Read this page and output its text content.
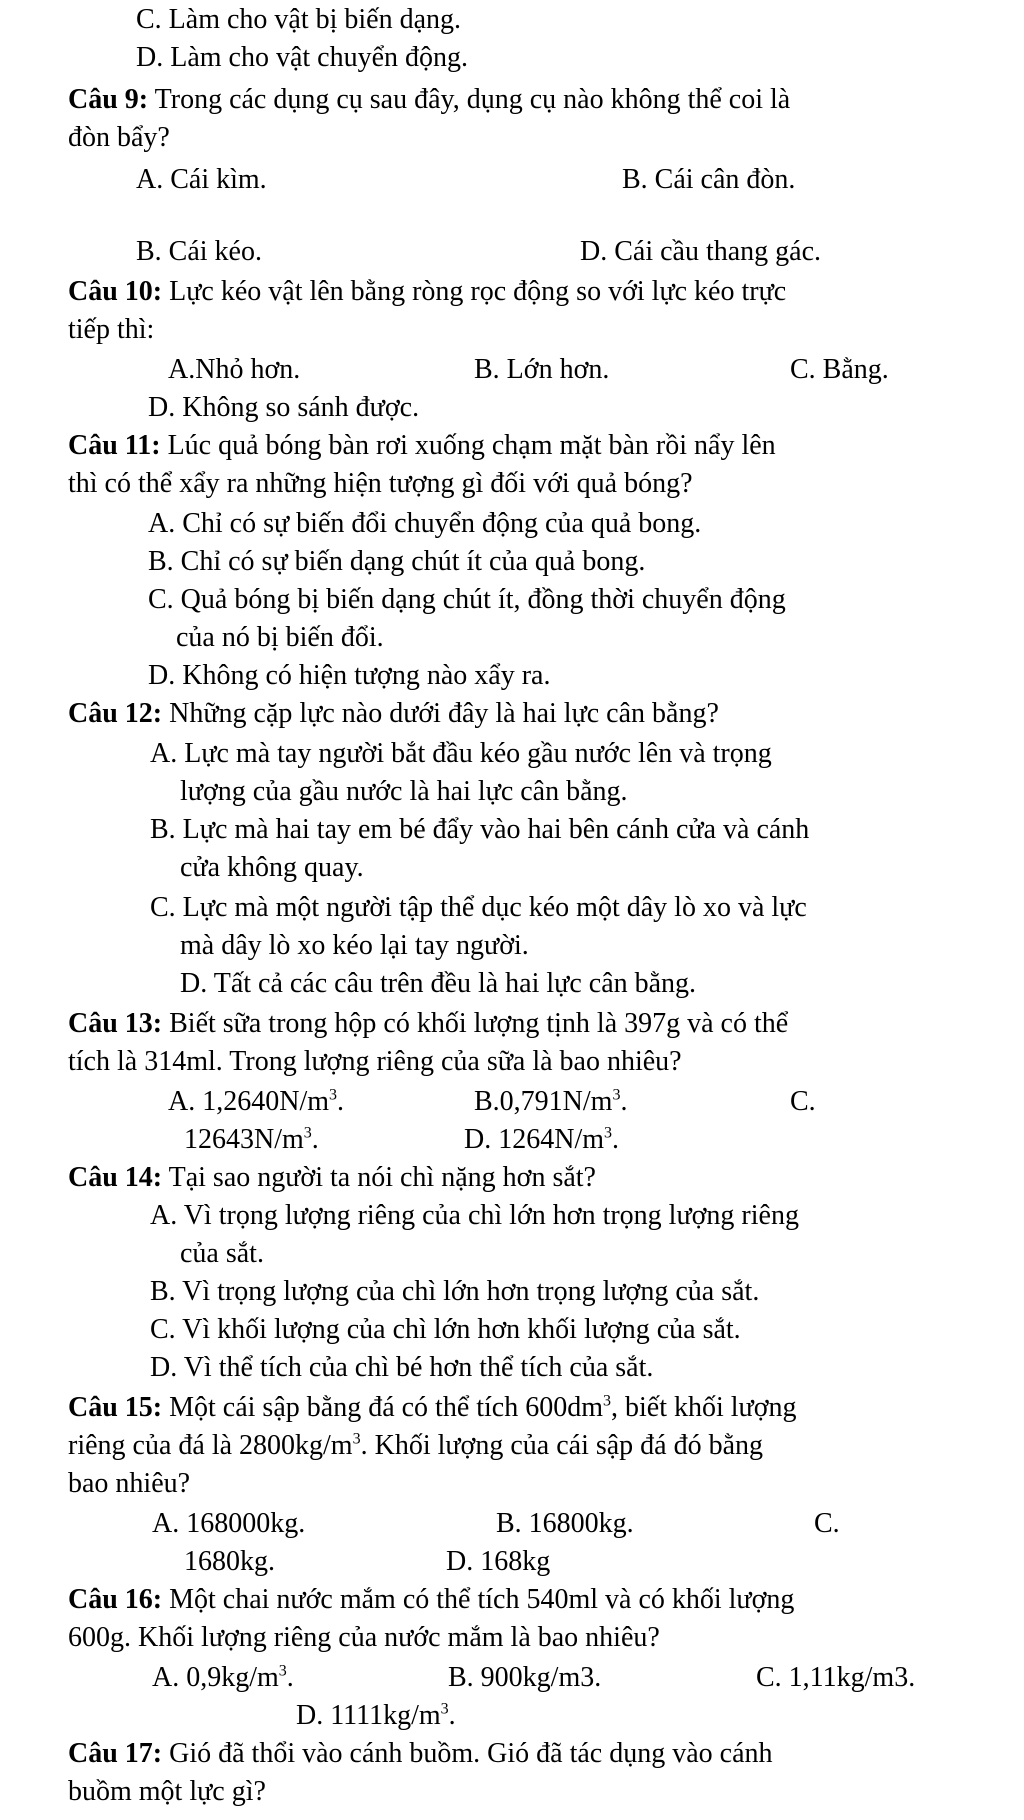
C. Làm cho vật bị biến dạng.
D. Làm cho vật chuyển động.
Câu 9: Trong các dụng cụ sau đây, dụng cụ nào không thể coi là
đòn bẩy?
A. Cái kìm.	B. Cái cân đòn.
B. Cái kéo.	D. Cái cầu thang gác.
Câu 10: Lực kéo vật lên bằng ròng rọc động so với lực kéo trực
tiếp thì:
A.Nhỏ hơn.	B. Lớn hơn.	C. Bằng.
D. Không so sánh được.
Câu 11: Lúc quả bóng bàn rơi xuống chạm mặt bàn rồi nẩy lên
thì có thể xẩy ra những hiện tượng gì đối với quả bóng?
A. Chỉ có sự biến đổi chuyển động của quả bong.
B. Chỉ có sự biến dạng chút ít của quả bong.
C. Quả bóng bị biến dạng chút ít, đồng thời chuyển động
của nó bị biến đổi.
D. Không có hiện tượng nào xẩy ra.
Câu 12: Những cặp lực nào dưới đây là hai lực cân bằng?
A. Lực mà tay người bắt đầu kéo gầu nước lên và trọng
lượng của gầu nước là hai lực cân bằng.
B. Lực mà hai tay em bé đẩy vào hai bên cánh cửa và cánh
cửa không quay.
C. Lực mà một người tập thể dục kéo một dây lò xo và lực
mà dây lò xo kéo lại tay người.
D. Tất cả các câu trên đều là hai lực cân bằng.
Câu 13: Biết sữa trong hộp có khối lượng tịnh là 397g và có thể
tích là 314ml. Trong lượng riêng của sữa là bao nhiêu?
A. $1,2640N/m^3$.	$B.0,791N/m^3$.	C.
$12643N/m^3$.	D. $1264N/m^3$.
Câu 14: Tại sao người ta nói chì nặng hơn sắt?
A. Vì trọng lượng riêng của chì lớn hơn trọng lượng riêng
của sắt.
B. Vì trọng lượng của chì lớn hơn trọng lượng của sắt.
C. Vì khối lượng của chì lớn hơn khối lượng của sắt.
D. Vì thể tích của chì bé hơn thể tích của sắt.
Câu 15: Một cái sập bằng đá có thể tích $600dm^3$, biết khối lượng
riêng của đá là $2800kg/m^3$. Khối lượng của cái sập đá đó bằng
bao nhiêu?
A. 168000kg.	B. 16800kg.	C.
1680kg.	D. 168kg
Câu 16: Một chai nước mắm có thể tích 540ml và có khối lượng
600g. Khối lượng riêng của nước mắm là bao nhiêu?
A. $0,9kg/m^3$.	B. 900kg/m3.	C. 1,11kg/m3.
D. $1111kg/m^3$.
Câu 17: Gió đã thổi vào cánh buồm. Gió đã tác dụng vào cánh
buồm một lực gì?
